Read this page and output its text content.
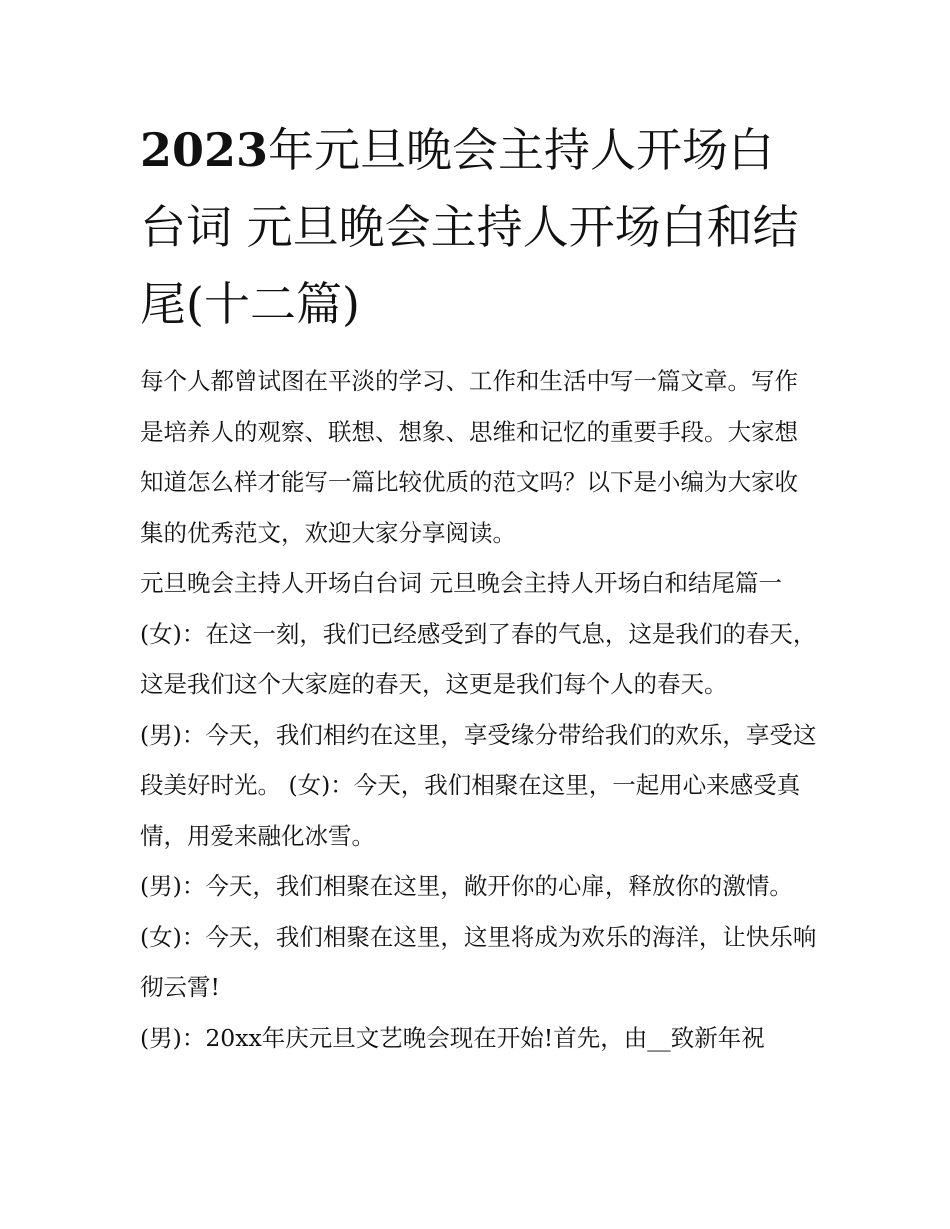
2023年元旦晚会主持人开场白台词 元旦晚会主持人开场白和结尾(十二篇)

每个人都曾试图在平淡的学习、工作和生活中写一篇文章。写作是培养人的观察、联想、想象、思维和记忆的重要手段。大家想知道怎么样才能写一篇比较优质的范文吗？以下是小编为大家收集的优秀范文，欢迎大家分享阅读。

元旦晚会主持人开场白台词 元旦晚会主持人开场白和结尾篇一

(女)：在这一刻，我们已经感受到了春的气息，这是我们的春天，这是我们这个大家庭的春天，这更是我们每个人的春天。

(男)：今天，我们相约在这里，享受缘分带给我们的欢乐，享受这段美好时光。 (女)：今天，我们相聚在这里，一起用心来感受真情，用爱来融化冰雪。

(男)：今天，我们相聚在这里，敞开你的心扉，释放你的激情。 (女)：今天，我们相聚在这里，这里将成为欢乐的海洋，让快乐响彻云霄!

(男)：20xx年庆元旦文艺晚会现在开始!首先，由__致新年祝
